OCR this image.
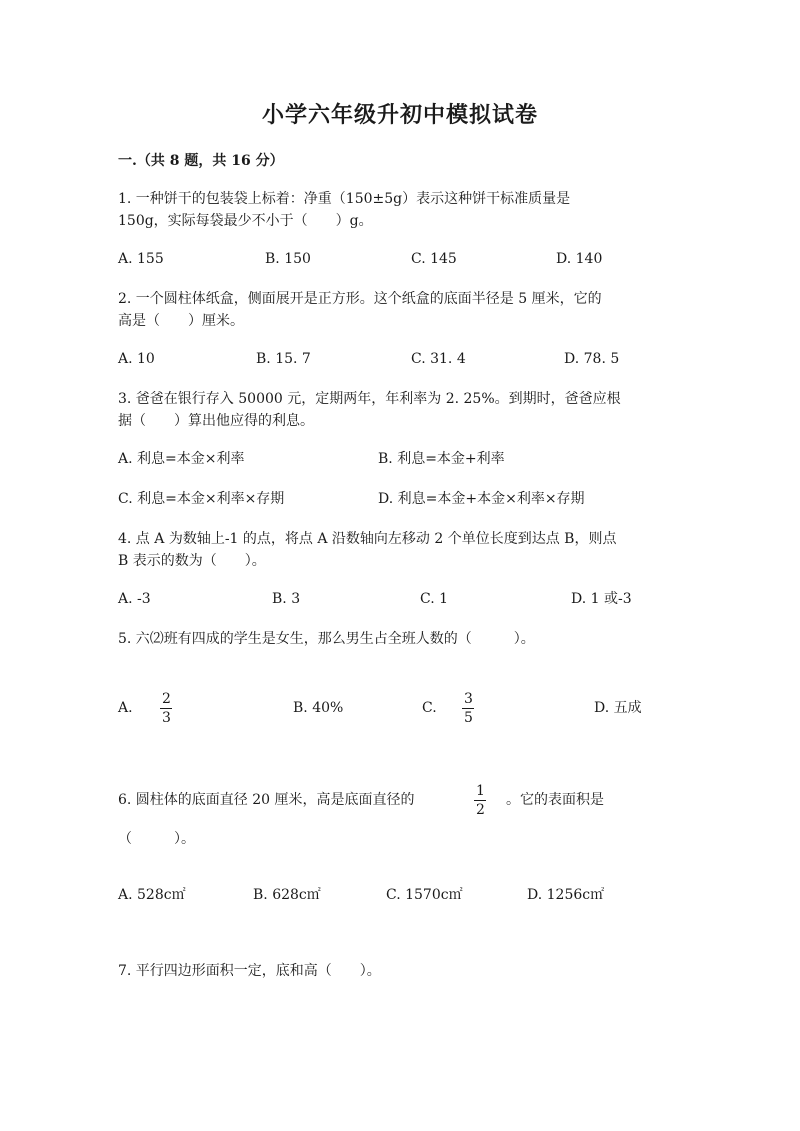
小学六年级升初中模拟试卷
一.（共 8 题，共 16 分）
1. 一种饼干的包装袋上标着：净重（150±5g）表示这种饼干标准质量是
150g，实际每袋最少不小于（　　）g。
A. 155	B. 150	C. 145	D. 140
2. 一个圆柱体纸盒，侧面展开是正方形。这个纸盒的底面半径是 5 厘米，它的
高是（　　）厘米。
A. 10	B. 15. 7	C. 31. 4	D. 78. 5
3. 爸爸在银行存入 50000 元，定期两年，年利率为 2. 25%。到期时，爸爸应根
据（　　）算出他应得的利息。
A. 利息=本金×利率	B. 利息=本金+利率
C. 利息=本金×利率×存期	D. 利息=本金+本金×利率×存期
4. 点 A 为数轴上-1 的点，将点 A 沿数轴向左移动 2 个单位长度到达点 B，则点
B 表示的数为（　　）。
A. -3	B. 3	C. 1	D. 1 或-3
5. 六⑵班有四成的学生是女生，那么男生占全班人数的（　　　）。
A. $\frac{2}{3}$	B. 40%	C. $\frac{3}{5}$	D. 五成
6. 圆柱体的底面直径 20 厘米，高是底面直径的	$\frac{1}{2}$ 。它的表面积是
（　　　）。
A. 528c㎡	B. 628c㎡	C. 1570c㎡	D. 1256c㎡
7. 平行四边形面积一定，底和高（　　）。
